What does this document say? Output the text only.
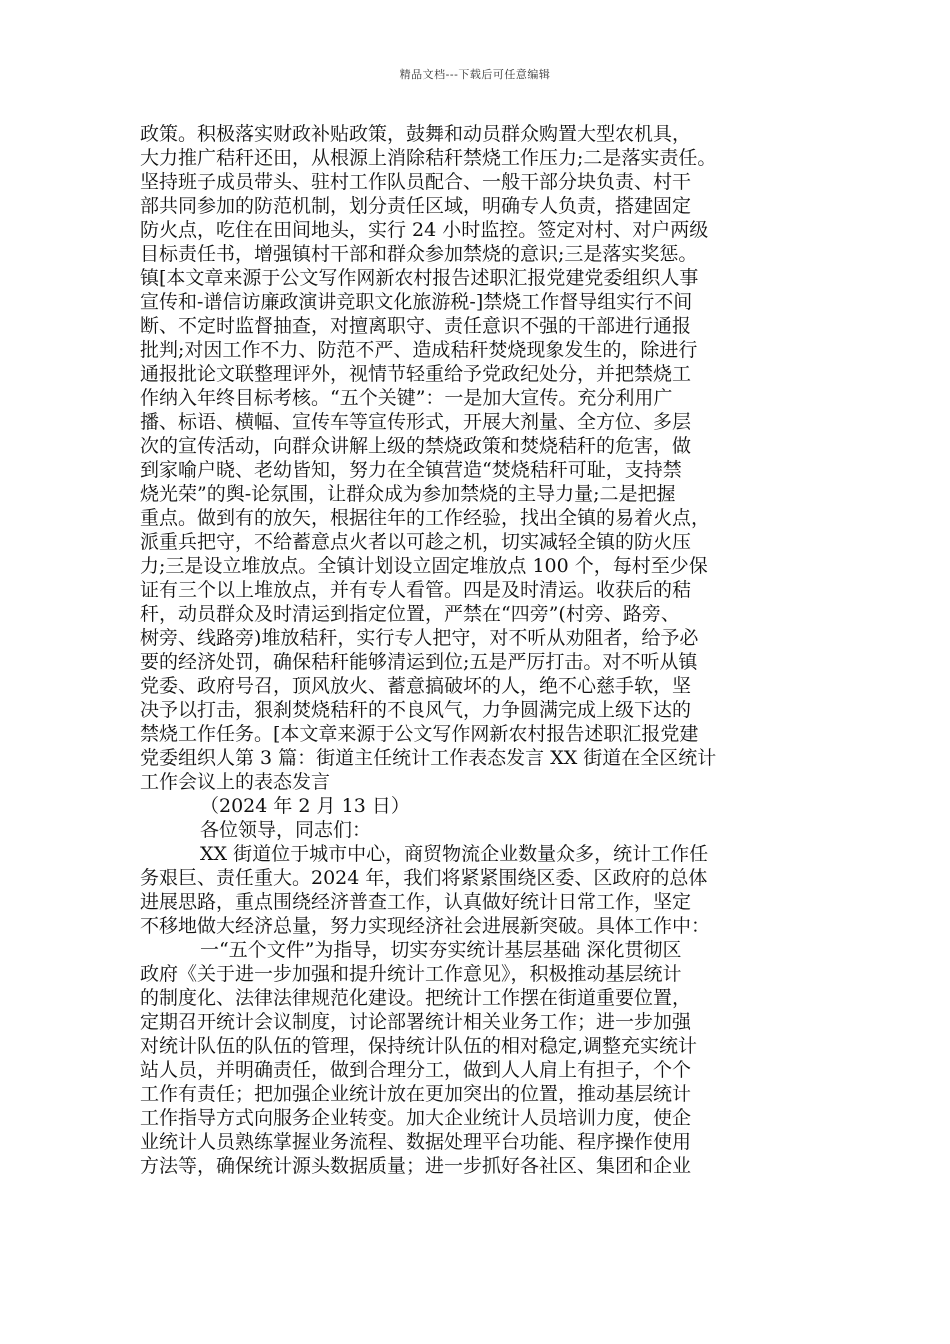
精品文档---下载后可任意编辑
政策。积极落实财政补贴政策，鼓舞和动员群众购置大型农机具，
大力推广秸秆还田，从根源上消除秸秆禁烧工作压力;二是落实责任。
坚持班子成员带头、驻村工作队员配合、一般干部分块负责、村干
部共同参加的防范机制，划分责任区域，明确专人负责，搭建固定
防火点，吃住在田间地头，实行 24 小时监控。签定对村、对户两级
目标责任书，增强镇村干部和群众参加禁烧的意识;三是落实奖惩。
镇[本文章来源于公文写作网新农村报告述职汇报党建党委组织人事
宣传和-谱信访廉政演讲竞职文化旅游税-]禁烧工作督导组实行不间
断、不定时监督抽查，对擅离职守、责任意识不强的干部进行通报
批判;对因工作不力、防范不严、造成秸秆焚烧现象发生的，除进行
通报批论文联整理评外，视情节轻重给予党政纪处分，并把禁烧工
作纳入年终目标考核。“五个关键”：一是加大宣传。充分利用广
播、标语、横幅、宣传车等宣传形式，开展大剂量、全方位、多层
次的宣传活动，向群众讲解上级的禁烧政策和焚烧秸秆的危害，做
到家喻户晓、老幼皆知，努力在全镇营造“焚烧秸秆可耻，支持禁
烧光荣”的舆-论氛围，让群众成为参加禁烧的主导力量;二是把握
重点。做到有的放矢，根据往年的工作经验，找出全镇的易着火点，
派重兵把守，不给蓄意点火者以可趁之机，切实减轻全镇的防火压
力;三是设立堆放点。全镇计划设立固定堆放点 100 个，每村至少保
证有三个以上堆放点，并有专人看管。四是及时清运。收获后的秸
秆，动员群众及时清运到指定位置，严禁在“四旁”(村旁、路旁、
树旁、线路旁)堆放秸秆，实行专人把守，对不听从劝阻者，给予必
要的经济处罚，确保秸秆能够清运到位;五是严厉打击。对不听从镇
党委、政府号召，顶风放火、蓄意搞破坏的人，绝不心慈手软，坚
决予以打击，狠刹焚烧秸秆的不良风气，力争圆满完成上级下达的
禁烧工作任务。[本文章来源于公文写作网新农村报告述职汇报党建
党委组织人第 3 篇：街道主任统计工作表态发言 XX 街道在全区统计
工作会议上的表态发言
（2024 年 2 月 13 日）
各位领导，同志们：
XX 街道位于城市中心，商贸物流企业数量众多，统计工作任
务艰巨、责任重大。2024 年，我们将紧紧围绕区委、区政府的总体
进展思路，重点围绕经济普查工作，认真做好统计日常工作，坚定
不移地做大经济总量，努力实现经济社会进展新突破。具体工作中：
一“五个文件”为指导，切实夯实统计基层基础 深化贯彻区
政府《关于进一步加强和提升统计工作意见》，积极推动基层统计
的制度化、法律法律规范化建设。把统计工作摆在街道重要位置，
定期召开统计会议制度，讨论部署统计相关业务工作；进一步加强
对统计队伍的队伍的管理，保持统计队伍的相对稳定,调整充实统计
站人员，并明确责任，做到合理分工，做到人人肩上有担子，个个
工作有责任；把加强企业统计放在更加突出的位置，推动基层统计
工作指导方式向服务企业转变。加大企业统计人员培训力度，使企
业统计人员熟练掌握业务流程、数据处理平台功能、程序操作使用
方法等，确保统计源头数据质量；进一步抓好各社区、集团和企业
